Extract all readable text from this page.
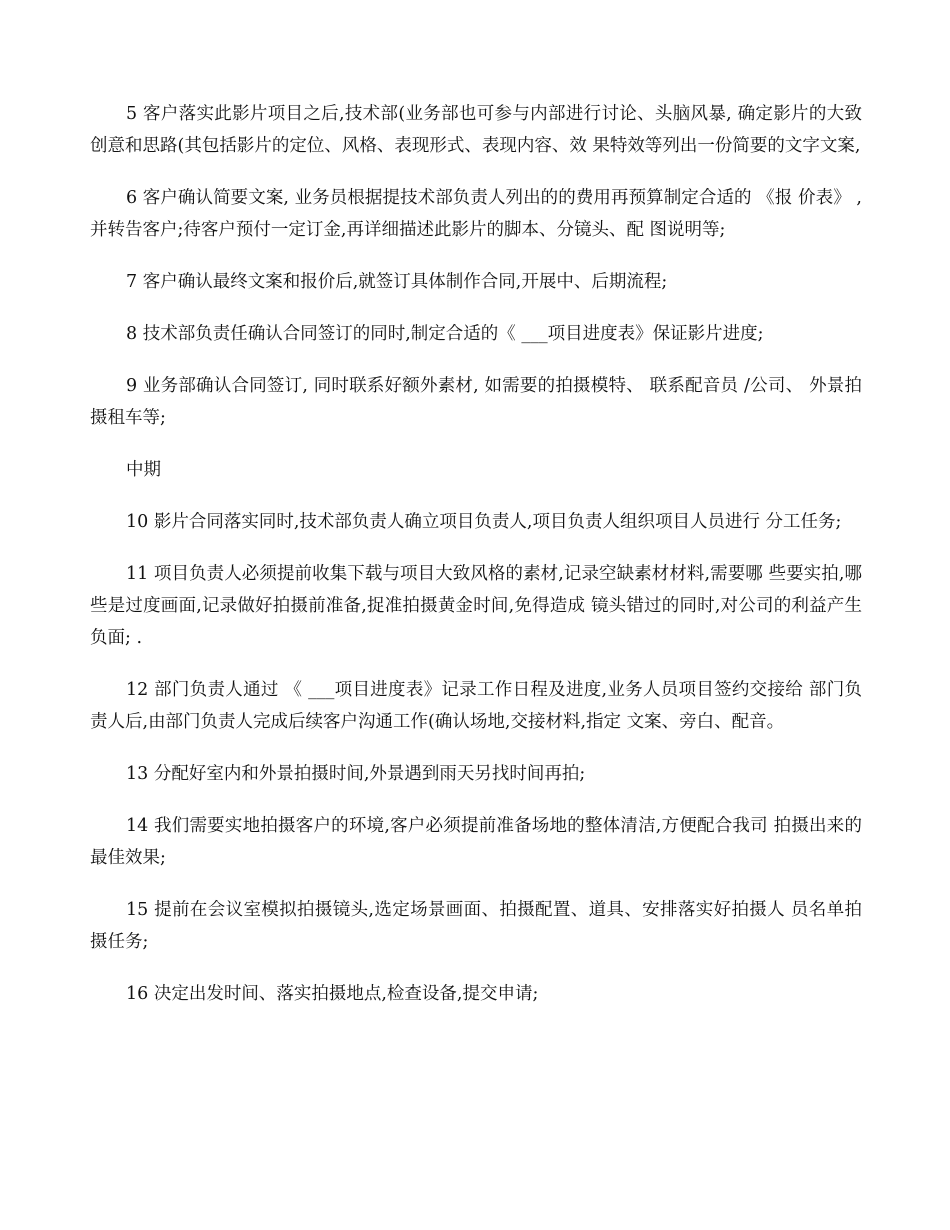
5 客户落实此影片项目之后,技术部(业务部也可参与内部进行讨论、头脑风暴, 确定影片的大致创意和思路(其包括影片的定位、风格、表现形式、表现内容、效 果特效等列出一份简要的文字文案,

6 客户确认简要文案, 业务员根据提技术部负责人列出的的费用再预算制定合适的 《报 价表》 ,并转告客户;待客户预付一定订金,再详细描述此影片的脚本、分镜头、配 图说明等;

7 客户确认最终文案和报价后,就签订具体制作合同,开展中、后期流程;

8 技术部负责任确认合同签订的同时,制定合适的《 ___项目进度表》保证影片进度;

9 业务部确认合同签订, 同时联系好额外素材, 如需要的拍摄模特、 联系配音员 /公司、 外景拍摄租车等;

中期

10 影片合同落实同时,技术部负责人确立项目负责人,项目负责人组织项目人员进行 分工任务;

11 项目负责人必须提前收集下载与项目大致风格的素材,记录空缺素材材料,需要哪 些要实拍,哪些是过度画面,记录做好拍摄前准备,捉准拍摄黄金时间,免得造成 镜头错过的同时,对公司的利益产生负面; .

12 部门负责人通过 《 ___项目进度表》记录工作日程及进度,业务人员项目签约交接给 部门负责人后,由部门负责人完成后续客户沟通工作(确认场地,交接材料,指定 文案、旁白、配音。

13 分配好室内和外景拍摄时间,外景遇到雨天另找时间再拍;

14 我们需要实地拍摄客户的环境,客户必须提前准备场地的整体清洁,方便配合我司 拍摄出来的最佳效果;

15 提前在会议室模拟拍摄镜头,选定场景画面、拍摄配置、道具、安排落实好拍摄人 员名单拍摄任务;

16 决定出发时间、落实拍摄地点,检查设备,提交申请;
